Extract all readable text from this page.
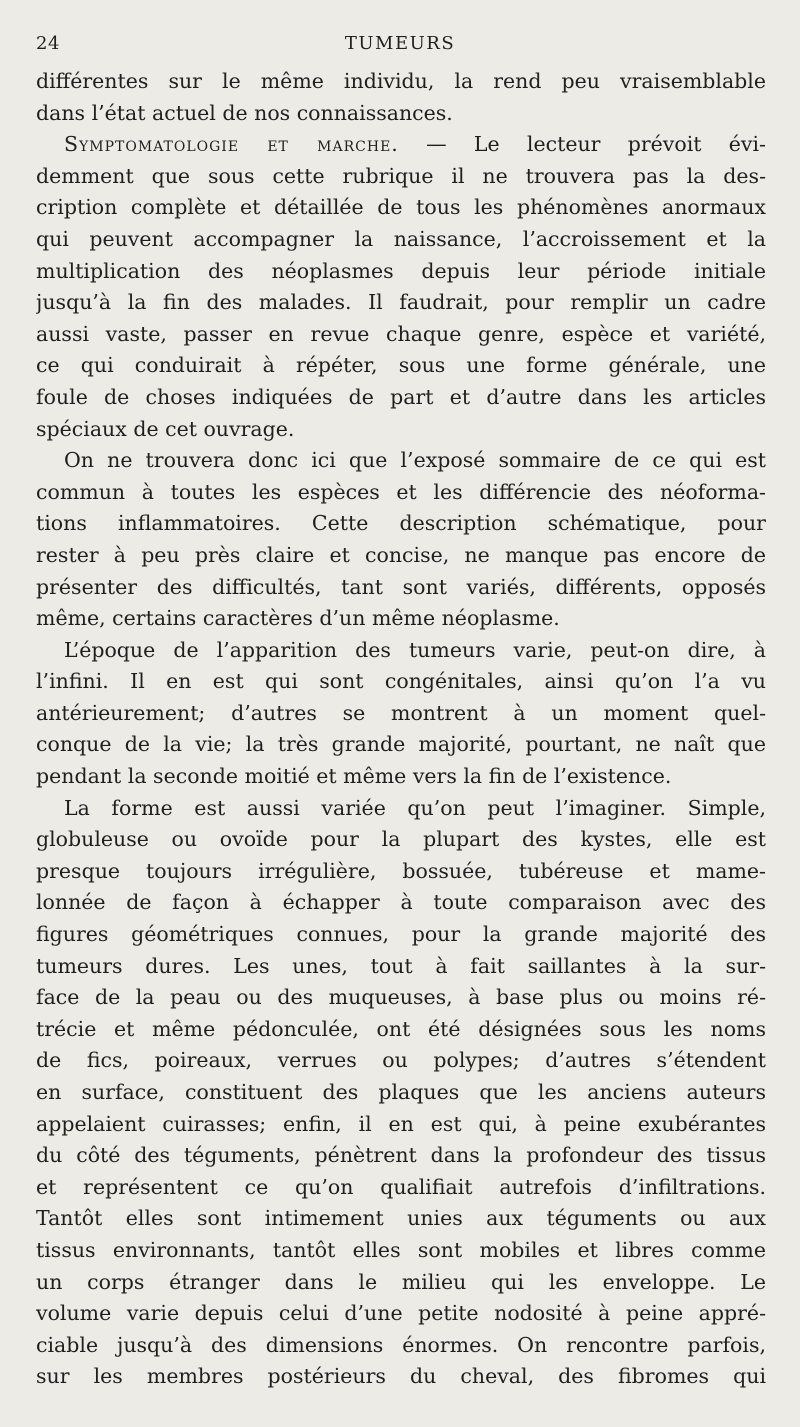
24	TUMEURS
différentes sur le même individu, la rend peu vraisemblable
dans l’état actuel de nos connaissances.
Symptomatologie et marche. — Le lecteur prévoit évi-
demment que sous cette rubrique il ne trouvera pas la des-
cription complète et détaillée de tous les phénomènes anormaux
qui peuvent accompagner la naissance, l’accroissement et la
multiplication des néoplasmes depuis leur période initiale
jusqu’à la fin des malades. Il faudrait, pour remplir un cadre
aussi vaste, passer en revue chaque genre, espèce et variété,
ce qui conduirait à répéter, sous une forme générale, une
foule de choses indiquées de part et d’autre dans les articles
spéciaux de cet ouvrage.
On ne trouvera donc ici que l’exposé sommaire de ce qui est
commun à toutes les espèces et les différencie des néoforma-
tions inflammatoires. Cette description schématique, pour
rester à peu près claire et concise, ne manque pas encore de
présenter des difficultés, tant sont variés, différents, opposés
même, certains caractères d’un même néoplasme.
L’époque de l’apparition des tumeurs varie, peut-on dire, à
l’infini. Il en est qui sont congénitales, ainsi qu’on l’a vu
antérieurement; d’autres se montrent à un moment quel-
conque de la vie; la très grande majorité, pourtant, ne naît que
pendant la seconde moitié et même vers la fin de l’existence.
La forme est aussi variée qu’on peut l’imaginer. Simple,
globuleuse ou ovoïde pour la plupart des kystes, elle est
presque toujours irrégulière, bossuée, tubéreuse et mame-
lonnée de façon à échapper à toute comparaison avec des
figures géométriques connues, pour la grande majorité des
tumeurs dures. Les unes, tout à fait saillantes à la sur-
face de la peau ou des muqueuses, à base plus ou moins ré-
trécie et même pédonculée, ont été désignées sous les noms
de fics, poireaux, verrues ou polypes; d’autres s’étendent
en surface, constituent des plaques que les anciens auteurs
appelaient cuirasses; enfin, il en est qui, à peine exubérantes
du côté des téguments, pénètrent dans la profondeur des tissus
et représentent ce qu’on qualifiait autrefois d’infiltrations.
Tantôt elles sont intimement unies aux téguments ou aux
tissus environnants, tantôt elles sont mobiles et libres comme
un corps étranger dans le milieu qui les enveloppe. Le
volume varie depuis celui d’une petite nodosité à peine appré-
ciable jusqu’à des dimensions énormes. On rencontre parfois,
sur les membres postérieurs du cheval, des fibromes qui
